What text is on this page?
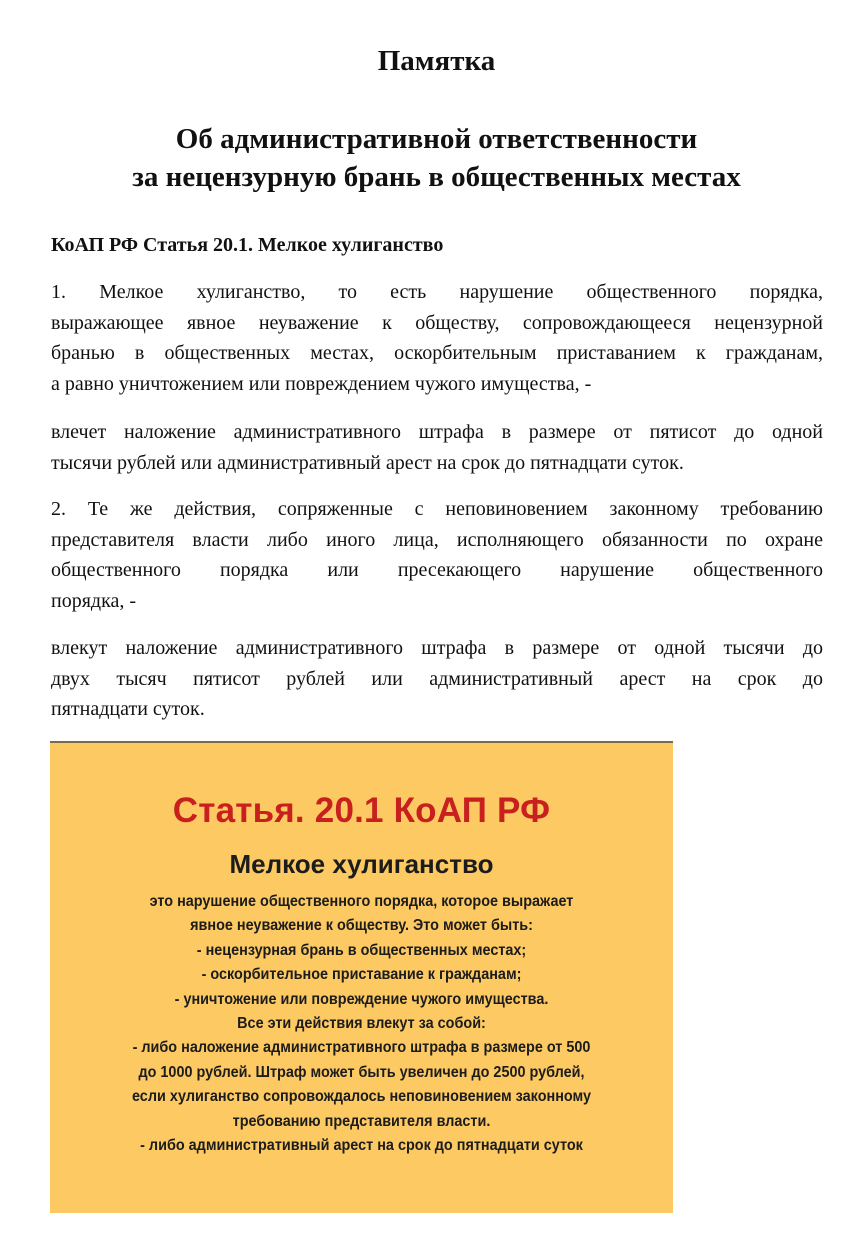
Памятка
Об административной ответственности
за нецензурную брань в общественных местах
КоАП РФ Статья 20.1. Мелкое хулиганство
1. Мелкое хулиганство, то есть нарушение общественного порядка,
выражающее явное неуважение к обществу, сопровождающееся нецензурной
бранью в общественных местах, оскорбительным приставанием к гражданам,
а равно уничтожением или повреждением чужого имущества, -
влечет наложение административного штрафа в размере от пятисот до одной
тысячи рублей или административный арест на срок до пятнадцати суток.
2. Те же действия, сопряженные с неповиновением законному требованию
представителя власти либо иного лица, исполняющего обязанности по охране
общественного порядка или пресекающего нарушение общественного
порядка, -
влекут наложение административного штрафа в размере от одной тысячи до
двух тысяч пятисот рублей или административный арест на срок до
пятнадцати суток.
Статья. 20.1 КоАП РФ
Мелкое хулиганство
это нарушение общественного порядка, которое выражает
явное неуважение к обществу. Это может быть:
- нецензурная брань в общественных местах;
- оскорбительное приставание к гражданам;
- уничтожение или повреждение чужого имущества.
Все эти действия влекут за собой:
- либо наложение административного штрафа в размере от 500
до 1000 рублей. Штраф может быть увеличен до 2500 рублей,
если хулиганство сопровождалось неповиновением законному
требованию представителя власти.
- либо административный арест на срок до пятнадцати суток
